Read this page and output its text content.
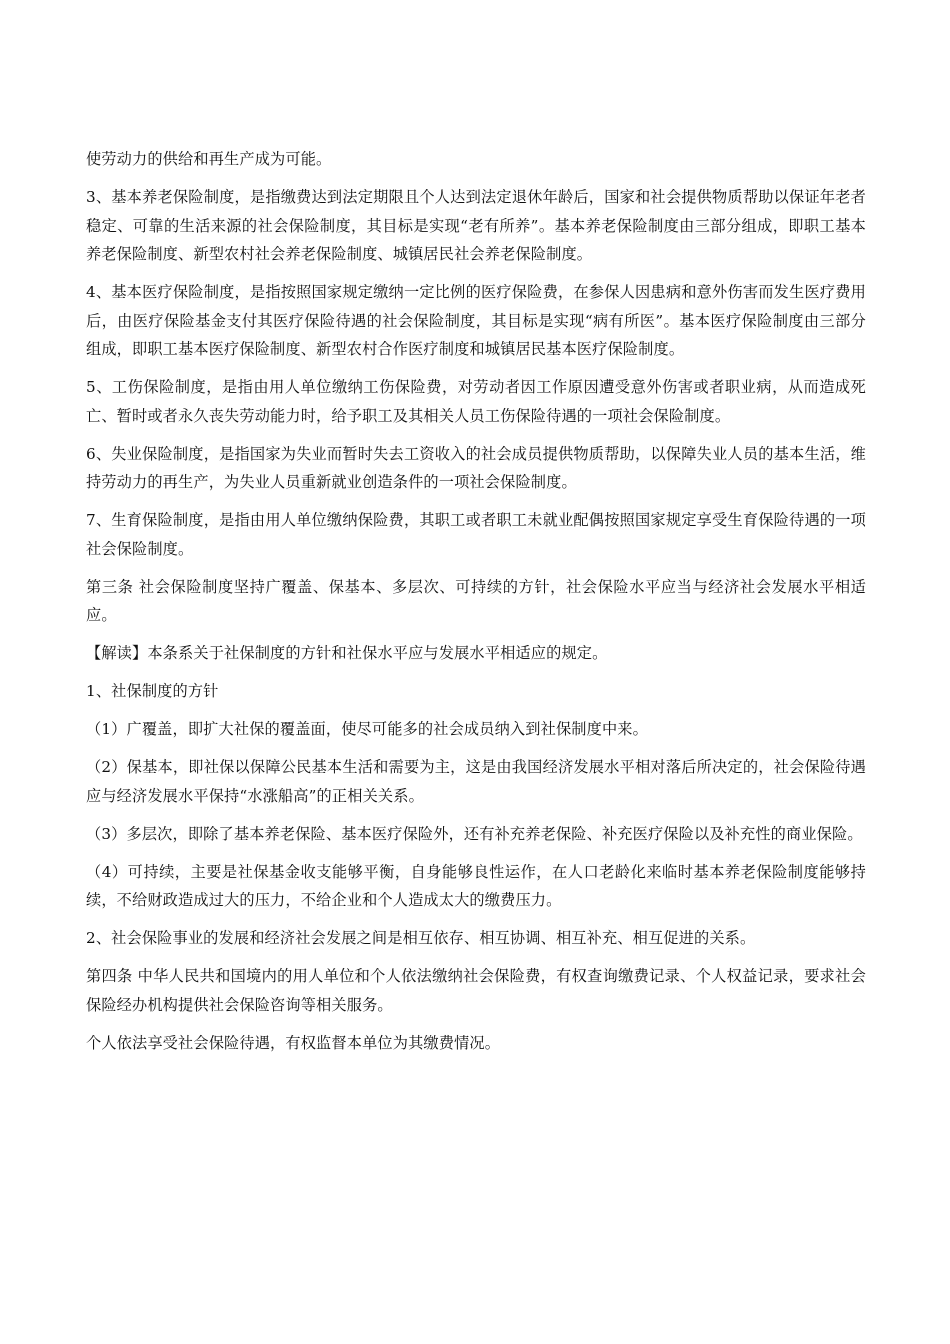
使劳动力的供给和再生产成为可能。

3、基本养老保险制度，是指缴费达到法定期限且个人达到法定退休年龄后，国家和社会提供物质帮助以保证年老者稳定、可靠的生活来源的社会保险制度，其目标是实现“老有所养”。基本养老保险制度由三部分组成，即职工基本养老保险制度、新型农村社会养老保险制度、城镇居民社会养老保险制度。

4、基本医疗保险制度，是指按照国家规定缴纳一定比例的医疗保险费，在参保人因患病和意外伤害而发生医疗费用后，由医疗保险基金支付其医疗保险待遇的社会保险制度，其目标是实现“病有所医”。基本医疗保险制度由三部分组成，即职工基本医疗保险制度、新型农村合作医疗制度和城镇居民基本医疗保险制度。

5、工伤保险制度，是指由用人单位缴纳工伤保险费，对劳动者因工作原因遭受意外伤害或者职业病，从而造成死亡、暂时或者永久丧失劳动能力时，给予职工及其相关人员工伤保险待遇的一项社会保险制度。

6、失业保险制度，是指国家为失业而暂时失去工资收入的社会成员提供物质帮助，以保障失业人员的基本生活，维持劳动力的再生产，为失业人员重新就业创造条件的一项社会保险制度。

7、生育保险制度，是指由用人单位缴纳保险费，其职工或者职工未就业配偶按照国家规定享受生育保险待遇的一项社会保险制度。

第三条 社会保险制度坚持广覆盖、保基本、多层次、可持续的方针，社会保险水平应当与经济社会发展水平相适应。

【解读】本条系关于社保制度的方针和社保水平应与发展水平相适应的规定。

1、社保制度的方针

（1）广覆盖，即扩大社保的覆盖面，使尽可能多的社会成员纳入到社保制度中来。

（2）保基本，即社保以保障公民基本生活和需要为主，这是由我国经济发展水平相对落后所决定的，社会保险待遇应与经济发展水平保持“水涨船高”的正相关关系。

（3）多层次，即除了基本养老保险、基本医疗保险外，还有补充养老保险、补充医疗保险以及补充性的商业保险。

（4）可持续，主要是社保基金收支能够平衡，自身能够良性运作，在人口老龄化来临时基本养老保险制度能够持续，不给财政造成过大的压力，不给企业和个人造成太大的缴费压力。

2、社会保险事业的发展和经济社会发展之间是相互依存、相互协调、相互补充、相互促进的关系。

第四条 中华人民共和国境内的用人单位和个人依法缴纳社会保险费，有权查询缴费记录、个人权益记录，要求社会保险经办机构提供社会保险咨询等相关服务。

个人依法享受社会保险待遇，有权监督本单位为其缴费情况。
